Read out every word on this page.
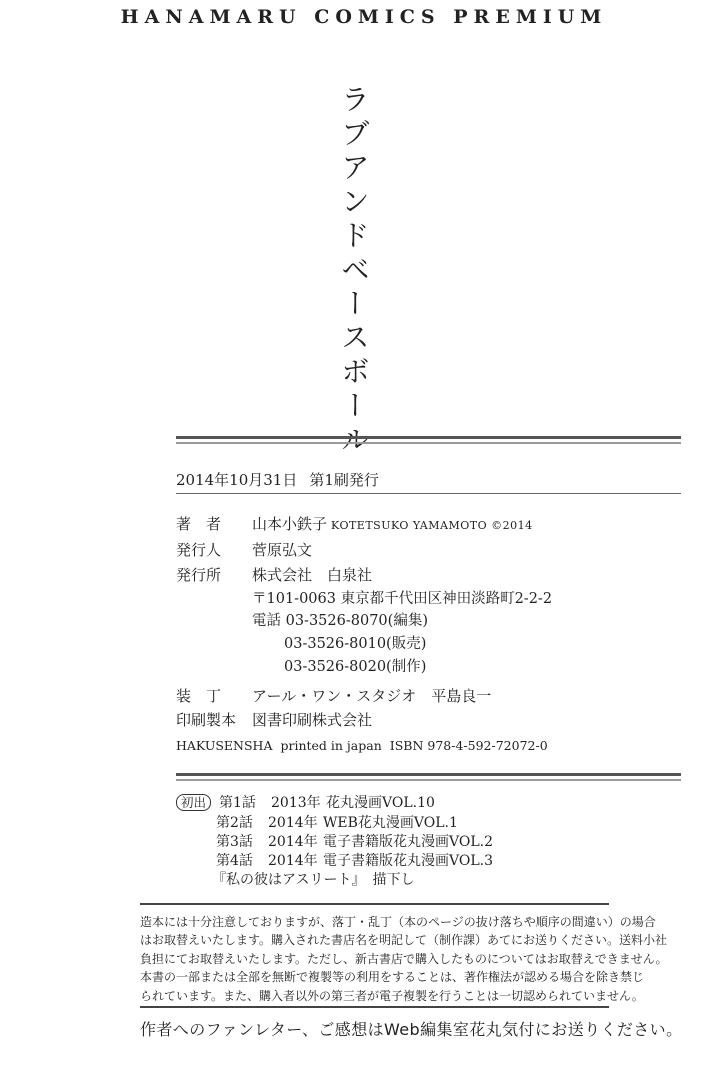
HANAMARU COMICS PREMIUM
ラブアンドベースボール
2014年10月31日 第1刷発行
著　者 山本小鉄子 KOTETSUKO YAMAMOTO ©2014
発行人 菅原弘文
発行所 株式会社　白泉社
〒101-0063 東京都千代田区神田淡路町2-2-2
電話 03-3526-8070(編集)
03-3526-8010(販売)
03-3526-8020(制作)
装　丁 アール・ワン・スタジオ　平島良一
印刷製本 図書印刷株式会社
HAKUSENSHA printed in japan ISBN 978-4-592-72072-0
初出 第1話 2013年 花丸漫画VOL.10
第2話 2014年 WEB花丸漫画VOL.1
第3話 2014年 電子書籍版花丸漫画VOL.2
第4話 2014年 電子書籍版花丸漫画VOL.3
『私の彼はアスリート』　描下し

造本には十分注意しておりますが、落丁・乱丁（本のページの抜け落ちや順序の間違い）の場合

はお取替えいたします。購入された書店名を明記して（制作課）あてにお送りください。送料小社

負担にてお取替えいたします。ただし、新古書店で購入したものについてはお取替えできません。

本書の一部または全部を無断で複製等の利用をすることは、著作権法が認める場合を除き禁じ

られています。また、購入者以外の第三者が電子複製を行うことは一切認められていません。

作者へのファンレター、ご感想はWeb編集室花丸気付にお送りください。
